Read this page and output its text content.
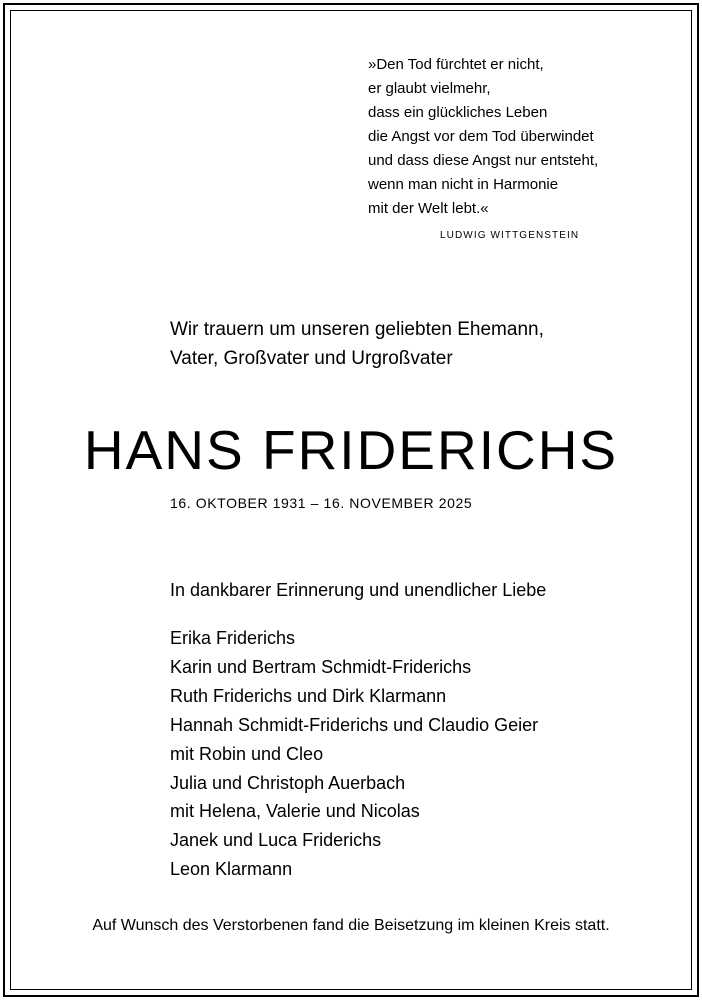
»Den Tod fürchtet er nicht,
er glaubt vielmehr,
dass ein glückliches Leben
die Angst vor dem Tod überwindet
und dass diese Angst nur entsteht,
wenn man nicht in Harmonie
mit der Welt lebt.«
LUDWIG WITTGENSTEIN
Wir trauern um unseren geliebten Ehemann,
Vater, Großvater und Urgroßvater
HANS FRIDERICHS
16. OKTOBER 1931 – 16. NOVEMBER 2025
In dankbarer Erinnerung und unendlicher Liebe
Erika Friderichs
Karin und Bertram Schmidt-Friderichs
Ruth Friderichs und Dirk Klarmann
Hannah Schmidt-Friderichs und Claudio Geier
mit Robin und Cleo
Julia und Christoph Auerbach
mit Helena, Valerie und Nicolas
Janek und Luca Friderichs
Leon Klarmann
Auf Wunsch des Verstorbenen fand die Beisetzung im kleinen Kreis statt.
